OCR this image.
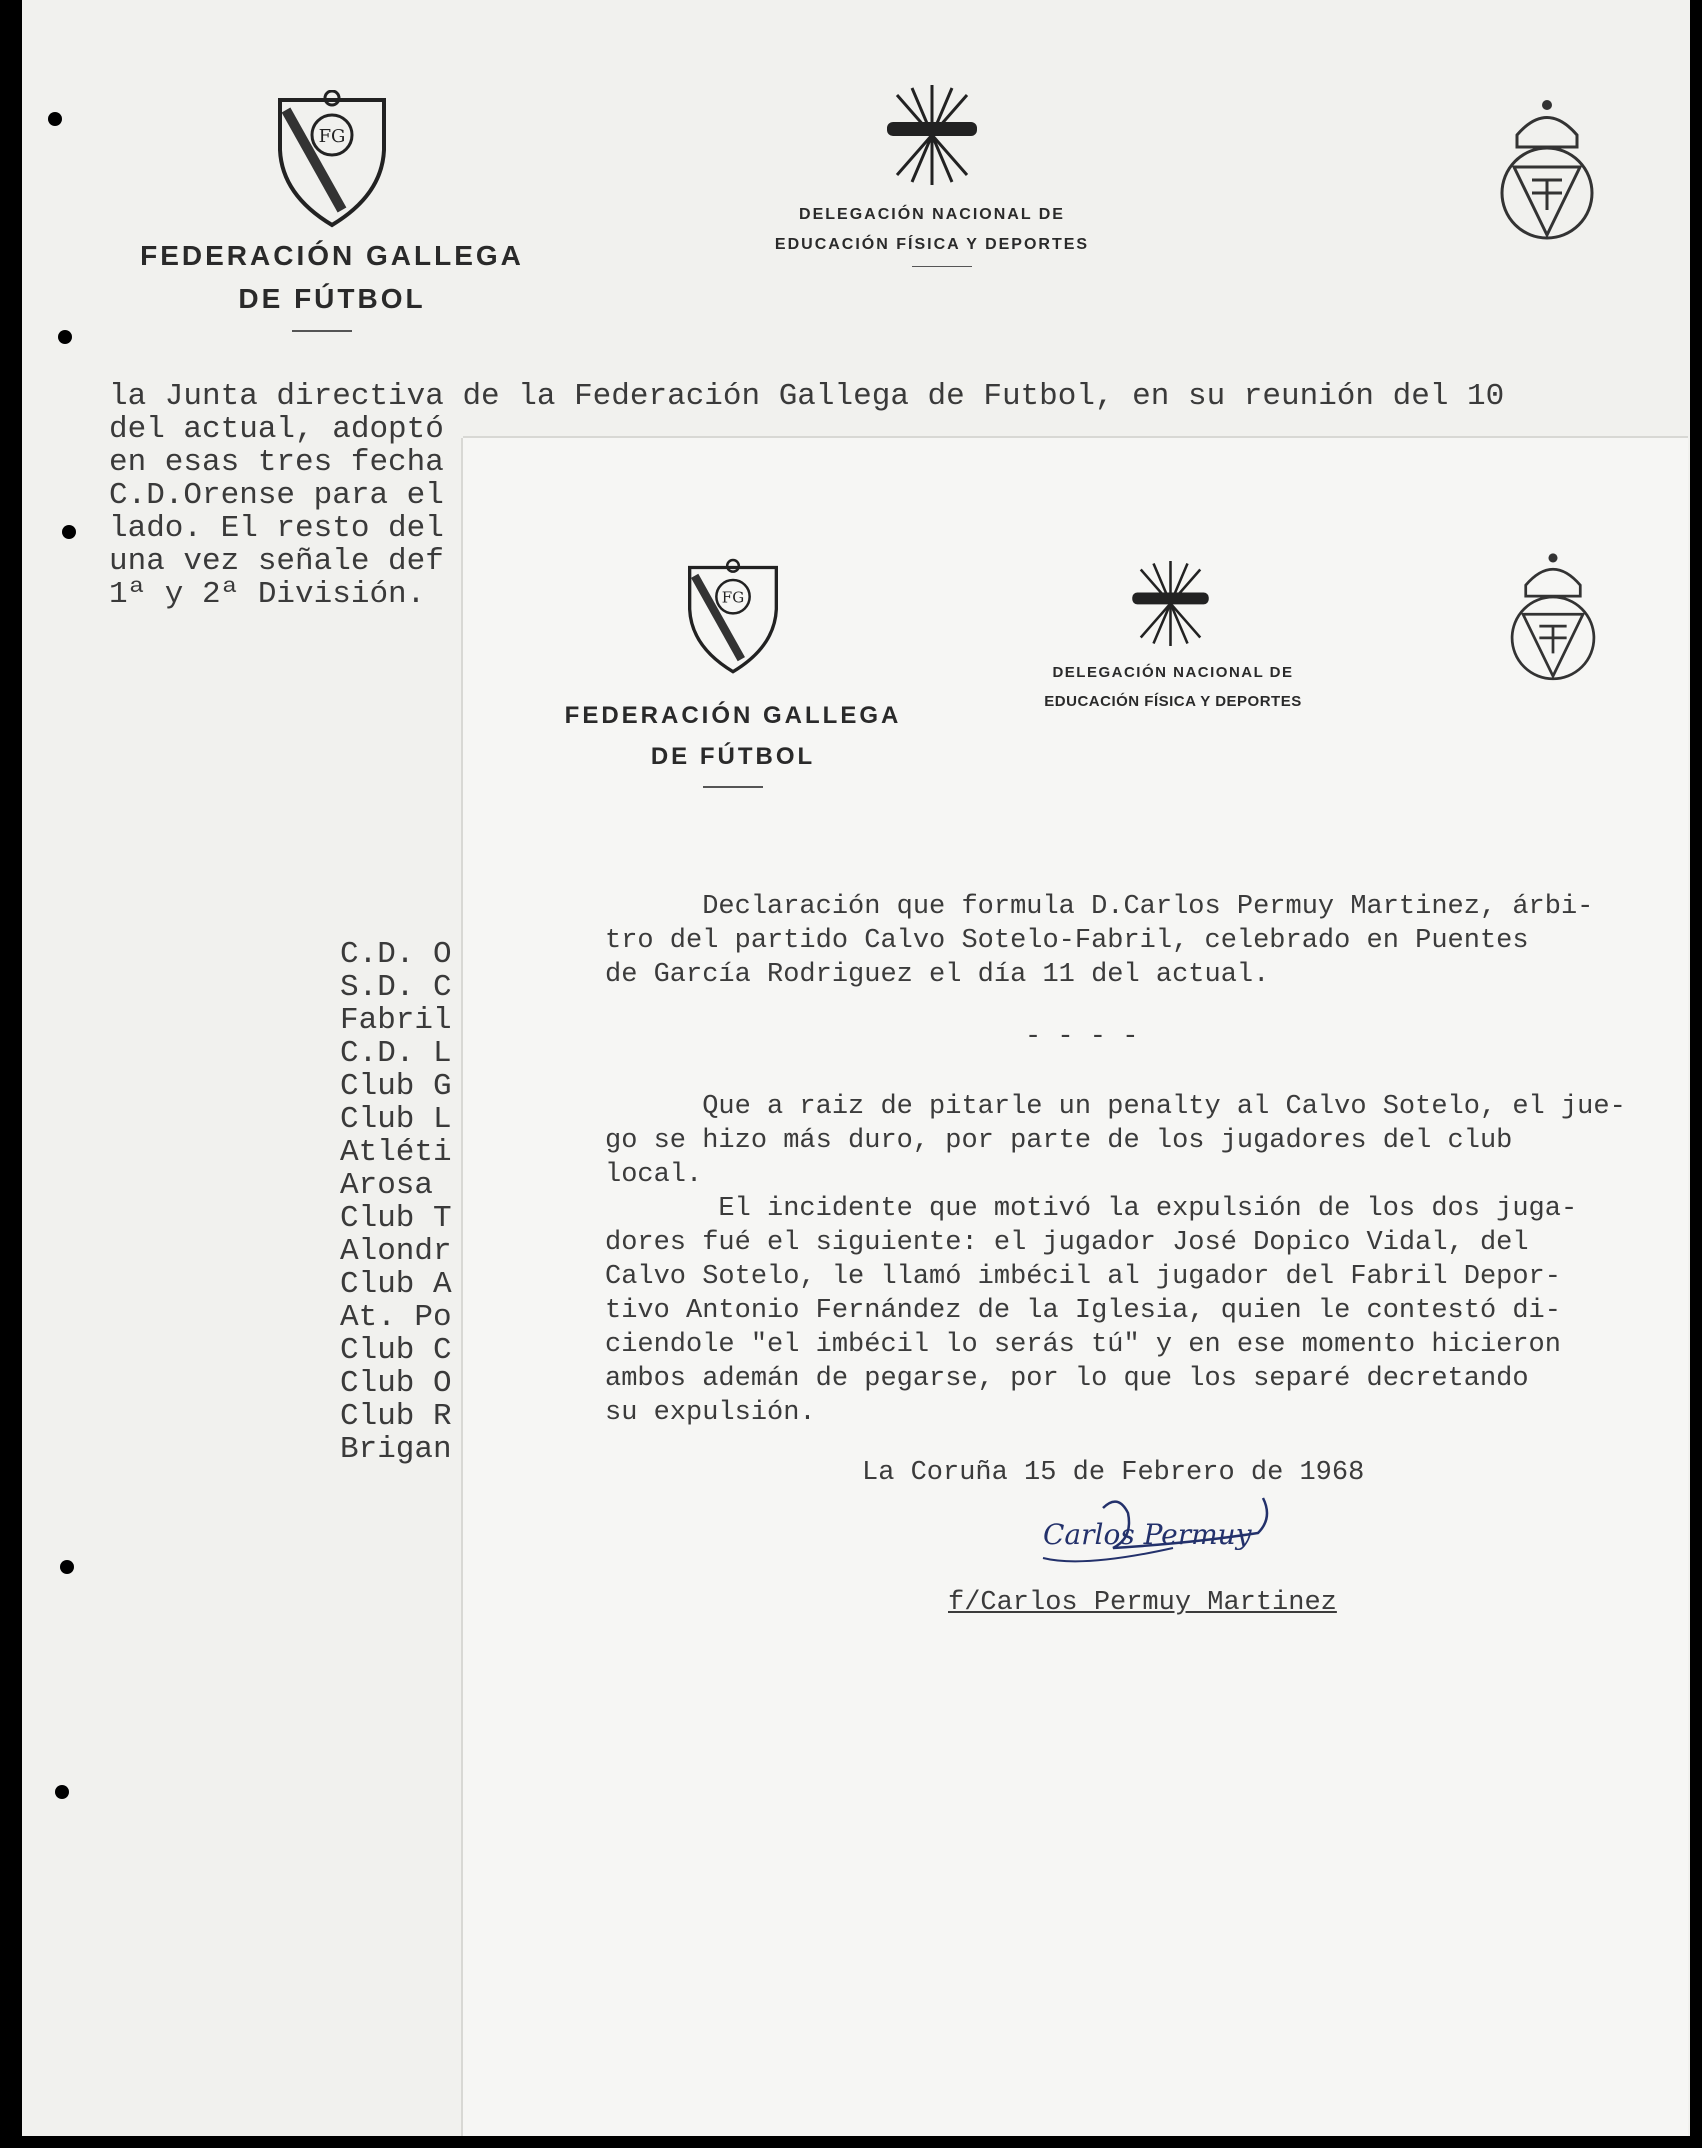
FG
FEDERACIÓN GALLEGA
DE FÚTBOL
DELEGACIÓN NACIONAL DE
EDUCACIÓN FÍSICA Y DEPORTES
la Junta directiva de la Federación Gallega de Futbol, en su reunión del 10
del actual, adoptó
en esas tres fecha
C.D.Orense para el
lado. El resto del
una vez señale def
1ª y 2ª División.
C.D. O
S.D. C
Fabril
C.D. L
Club G
Club L
Atléti
Arosa
Club T
Alondr
Club A
At. Po
Club C
Club O
Club R
Brigan
FG
FEDERACIÓN GALLEGA
DE FÚTBOL
DELEGACIÓN NACIONAL DE
EDUCACIÓN FÍSICA Y DEPORTES
Declaración que formula D.Carlos Permuy Martinez, árbi-
tro del partido Calvo Sotelo-Fabril, celebrado en Puentes
de García Rodriguez el día 11 del actual.
- - - -
Que a raiz de pitarle un penalty al Calvo Sotelo, el jue-
go se hizo más duro, por parte de los jugadores del club
local.
El incidente que motivó la expulsión de los dos juga-
dores fué el siguiente: el jugador José Dopico Vidal, del
Calvo Sotelo, le llamó imbécil al jugador del Fabril Depor-
tivo Antonio Fernández de la Iglesia, quien le contestó di-
ciendole "el imbécil lo serás tú" y en ese momento hicieron
ambos ademán de pegarse, por lo que los separé decretando
su expulsión.
La Coruña 15 de Febrero de 1968
Carlos Permuy
f/Carlos Permuy Martinez
